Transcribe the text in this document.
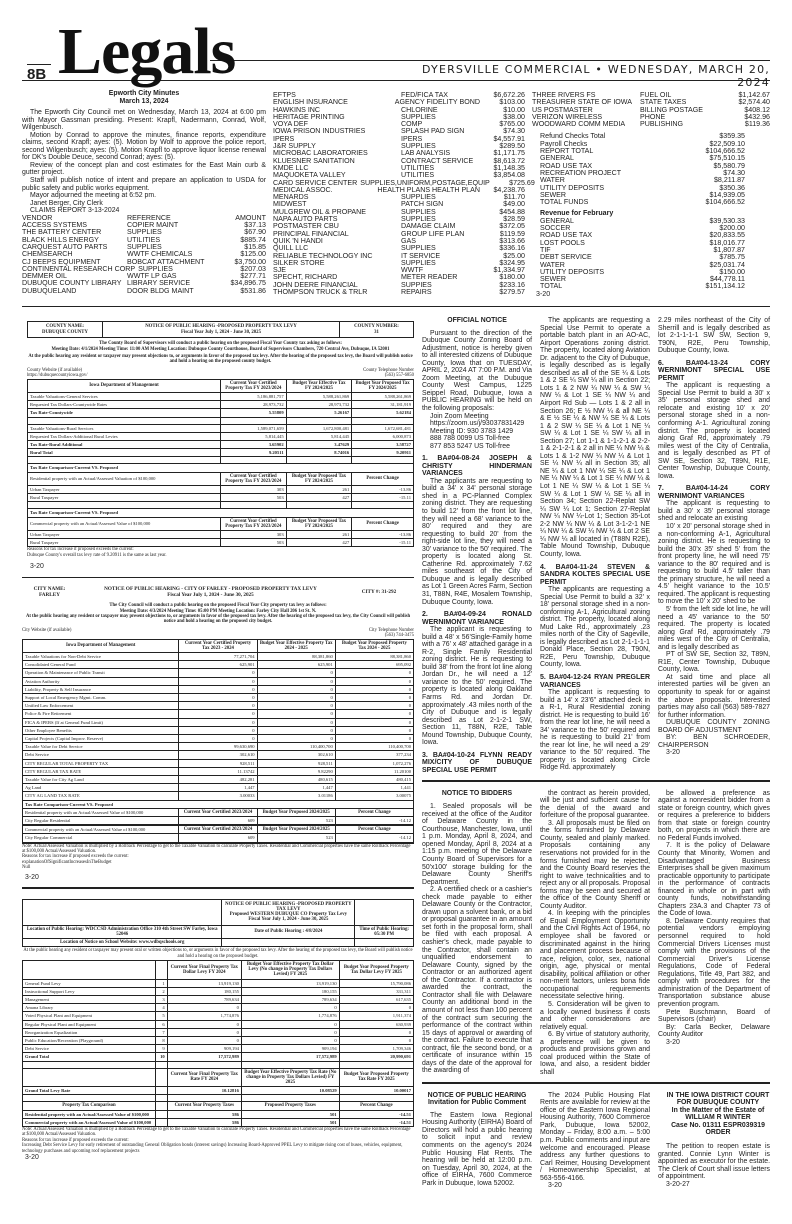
8B Legals	DYERSVILLE COMMERCIAL • WEDNESDAY, MARCH 20, 2024
Epworth City Minutes
March 13, 2024

The Epworth City Council met on Wednesday, March 13, 2024 at 6:00 pm with Mayor Gassman presiding. Present: Krapfl, Nadermann, Conrad, Wolf, Wilgenbusch.

Motion by Conrad to approve the minutes, finance reports, expenditure claims, second Krapfl; ayes: (5). Motion by Wolf to approve the police report, second Wilgenbusch; ayes: (5). Motion Krapfl to approve liquor license renewal for DK's Double Deuce, second Conrad; ayes: (5).

Review of the concept plan and cost estimates for the East Main curb & gutter project.

Staff will publish notice of intent and prepare an application to USDA for public safety and public works equipment.

Mayor adjourned the meeting at 6:52 pm.

Janet Berger, City Clerk

CLAIMS REPORT 3-13-2024

VENDOR	REFERENCE	AMOUNT
ACCESS SYSTEMS	COPIER MAINT	$37.13
THE BATTERY CENTER	SUPPLIES	$67.90
BLACK HILLS ENERGY	UTILITIES	$885.74
CARQUEST AUTO PARTS	SUPPLIES	$15.85
CHEMSEARCH	WWTF CHEMICALS	$125.00
CJ BEEPS EQUIPMENT	BOBCAT ATTACHMENT	$3,750.00
CONTINENTAL RESEARCH CORP SUPPLIES	$207.03
DEMMER OIL	WWTF LP GAS	$277.71
DUBUQUE COUNTY LIBRARY LIBRARY SERVICE	$34,896.75
DUBUQUELAND	DOOR BLDG MAINT	$531.86
EFTPS	FED/FICA TAX	$6,672.26
ENGLISH INSURANCE	AGENCY FIDELITY BOND	$103.00
HAWKINS INC	CHLORINE	$10.00
HERITAGE PRINTING	SUPPLIES	$38.00
VOYA DEF	COMP	$765.00
IOWA PRISON INDUSTRIES	SPLASH PAD SIGN	$74.30
IPERS	IPERS	$4,557.91
J&R SUPPLY	SUPPLIES	$289.50
MICROBAC LABORATORIES	LAB ANALYSIS	$1,171.75
KLUESNER SANITATION	CONTRACT SERVICE	$8,613.72
KMDE LLC	UTILITIES	$1,148.35
MAQUOKETA VALLEY	UTILITIES	$3,854.08
CARD SERVICE CENTER SUPPLIES,UNIFORM,POSTAGE,EQUIP	$725.69
MEDICAL ASSOC.	HEALTH PLANS HEALTH PLAN	$4,238.76
MENARDS	SUPPLIES	$11.70
MIDWEST	PATCH SIGN	$49.00
MULGREW OIL & PROPANE	SUPPLIES	$454.88
NAPA AUTO PARTS	SUPPLIES	$28.59
POSTMASTER CBU	DAMAGE CLAIM	$372.05
PRINCIPAL FINANCIAL	GROUP LIFE PLAN	$119.59
QUIK 'N HANDI	GAS	$313.66
QUILL LLC	SUPPLIES	$336.16
RELIABLE TECHNOLOGY INC	IT SERVICE	$25.00
SILKER STORE	SUPPLIES	$324.95
SJE	WWTF	$1,334.97
SPECHT, RICHARD	METER READER	$180.00
JOHN DEERE FINANCIAL	SUPPIES	$233.16
THOMPSON TRUCK & TRLR	REPAIRS	$279.57
THREE RIVERS FS	FUEL OIL	$1,142.67
TREASURER STATE OF IOWA	STATE TAXES	$2,574.40
US POSTMASTER	BILLING POSTAGE	$408.12
VERIZON WIRELESS	PHONE	$432.96
WOODWARD COMM MEDIA	PUBLISHING	$119.36
Refund Checks Total	$359.35
Payroll Checks	$22,509.10
REPORT TOTAL	$104,666.52
GENERAL	$75,510.15
ROAD USE TAX	$5,580.79
RECREATION PROJECT	$74.30
WATER	$8,211.87
UTILITY DEPOSITS	$350.36
SEWER	$14,939.05
TOTAL FUNDS	$104,666.52
Revenue for February
GENERAL	$39,530.33
SOCCER	$200.00
ROAD USE TAX	$20,833.55
LOST POOLS	$18,016.77
TIF	$1,807.87
DEBT SERVICE	$785.75
WATER	$25,031.74
UTILITY DEPOSITS	$150.00
SEWER	$44,778.11
TOTAL	$151,134.12
3-20
COUNTY NAME:
DUBUQUE COUNTY
NOTICE OF PUBLIC HEARING -PROPOSED PROPERTY TAX LEVY
Fiscal Year July 1, 2024 - June 30, 2025
COUNTY NUMBER:
31
The County Board of Supervisors will conduct a public hearing on the proposed Fiscal Year County tax asking as follows:
Meeting Date: 4/1/2024 Meeting Time: 11:00 AM Meeting Location: Dubuque County Courthouse, Board of Supervisors Chambers, 720 Central Ave, Dubuque, IA 52001
At the public hearing any resident or taxpayer may present objections to, or arguments in favor of the proposed tax levy. After the hearing of the proposed tax levy, the Board will publish notice and hold a hearing on the proposed county budget.
County Website (if available)
https://dubuquecountyiowa.gov/
County Telephone Number
(563) 557-6850
Iowa Department of Management	Current Year Certified Property Tax FY 2023/2024	Budget Year Effective Tax FY 2024/2025	Budget Year Proposed Tax FY 2024/2025
Taxable Valuations-General Services	5,186,881,757	5,588,261,869	5,588,261,869
Requested Tax Dollars-Countywide Rates	28,973,732	28,973,732	31,181,919
Tax Rate-Countywide	5.55809	5.26167	5.62184

Taxable Valuations-Rural Services	1,589,071,659	1,672,800,481	1,672,681,481
Requested Tax Dollars-Additional Rural Levies	5,814,445	5,814,445	6,000,873
Tax Rate-Rural Additional	3.65902	3.47629	3.58727
Rural Total	9.20511	8.74016	9.20911

Tax Rate Comparison-Current VS. Proposed			
Residential property with an Actual/Assessed Valuation of $100,000	Current Year Certified Property Tax FY 2023/2024	Budget Year Proposed Tax FY 2024/2025	Percent Change
Urban Taxpayer	303	261	-13.86
Rural Taxpayer	503	427	-15.11

Tax Rate Comparison-Current VS. Proposed			
Commercial property with an Actual/Assessed Value of $100,000	Current Year Certified Property Tax FY 2023/2024	Budget Year Proposed Tax FY 2024/2025	Percent Change
Urban Taxpayer	303	261	-13.86
Rural Taxpayer	503	427	-15.11

Reasons for tax increase if proposed exceeds the current:

Dubuque County's overall tax levy rate of 9.20911 is the same as last year.

3-20
CITY NAME:
FARLEY
NOTICE OF PUBLIC HEARING - CITY OF FARLEY - PROPOSED PROPERTY TAX LEVY
Fiscal Year July 1, 2024 - June 30, 2025	CITY #: 31-292
The City Council will conduct a public hearing on the proposed Fiscal Year City property tax levy as follows:
Meeting Date: 4/3/2024 Meeting Time: 05:00 PM Meeting Location: Farley City Hall 206 1st St. N.
At the public hearing any resident or taxpayer may present objections to, or arguments in favor of the proposed tax levy. After the hearing of the proposed tax levy, the City Council will publish notice and hold a hearing on the proposed city budget.
City Website (if available)	City Telephone Number
(563) 744-3475
Iowa Department of Management	Current Year Certified Property Tax 2023 - 2024	Budget Year Effective Property Tax 2024 - 2025	Budget Year Proposed Property Tax 2024 - 2025
Taxable Valuations for Non-Debt Service	77,271,704	88,381,860	88,381,860
Consolidated General Fund	625,901	625,901	695,092
Operation & Maintenance of Public Transit	0	0	0
Aviation Authority	0	0	0
Liability, Property & Self Insurance	0	0	0
Support of Local Emergency Mgmt. Comm.	0	0	0
Unified Law Enforcement	0	0	0
Police & Fire Retirement	0	0	0
FICA & IPERS (If at General Fund Limit)	0	0	0
Other Employee Benefits	0	0	0
Capital Projects (Capital Improv. Reserve)	0	0	0
Taxable Value for Debt Service	99,630,690	110,400,700	110,400,700
Debt Service	302,610	302,610	377,234
CITY REGULAR TOTAL PROPERTY TAX	928,511	928,511	1,072,276
CITY REGULAR TAX RATE	11.13742	9.82290	11.20100
Taxable Value for City Ag Land	482,281	480,615	480,415
Ag Land	1,447	1,447	1,441
CITY AG LAND TAX RATE	3.00033	3.01186	3.00075
Tax Rate Comparison-Current VS. Proposed			
Residential property with an Actual/Assessed Value of $100,000	Current Year Certified 2023/2024	Budget Year Proposed 2024/2025	Percent Change
City Regular Residential	609	523	-14.12
Commercial property with an Actual/Assessed Value of $100,000	Current Year Certified 2023/2024	Budget Year Proposed 2024/2025	Percent Change
City Regular Commercial	609	523	-14.12

Note: Actual/Assessed Valuation is multiplied by a Rollback Percentage to get to the Taxable Valuation to calculate Property Taxes. Residential and Commercial properties have the same Rollback Percentage at $100,000 Actual/Assessed Valuation.

Reasons for tax increase if proposed exceeds the current:

explanationOfSignificantIncreasesInTheBudget

Null

3-20
	NOTICE OF PUBLIC HEARING -PROPOSED PROPERTY TAX LEVY
Proposed WESTERN DUBUQUE CO Property Tax Levy
Fiscal Year July 1, 2024 - June 30, 2025	
Location of Public Hearing: WDCCSD Administration Office 310 4th Street SW Farley, Iowa 52046	Date of Public Hearing : 4/8/2024	Time of Public Hearing: 05:30 PM
Location of Notice on School Website: www.wdbqschools.org		
At the public hearing any resident or taxpayer may present oral or written objections to, or arguments in favor of the proposed tax levy. After the hearing of the proposed tax levy, the Board will publish notice and hold a hearing on the proposed budget.
		Current Year Final Property Tax Dollar Levy FY 2024	Budget Year Effective Property Tax Dollar Levy (No change in Property Tax Dollars Levied) FY 2025	Budget Year Proposed Property Tax Dollar Levy FY 2025
General Fund Levy	1	13,919,130	13,919,130	15,790,086
Instructional Support Levy	2	180,155	180,155	331,311
Management	3	789,634	789,634	617,635
Amana Library	4	0	0	0
Voted Physical Plant and Equipment	5	1,774,876	1,774,876	1,911,374
Regular Physical Plant and Equipment	6	0	0	630,939
Reorganization Equalization	7	0	0	0
Public Education/Recreation (Playground)	8	0	0	0
Debt Service	9	909,194	909,194	1,709,346
Grand Total	10	17,572,989	17,572,989	20,990,691

		Current Year Final Property Tax Rate FY 2024	Budget Year Effective Property Tax Rate (No change in Property Tax Dollars Levied) FY 2025	Budget Year Proposed Property Tax Rate FY 2025
Grand Total Levy Rate		10.12816	10.08529	10.00017

Property Tax Comparison		Current Year Property Taxes	Proposed Property Taxes	Percent Change
Residential property with an Actual/Assessed Value of $100,000		586	501	-14.51
Commercial property with an Actual/Assessed Value of $100,000		586	501	-14.51

Note: Actual/Assessed Valuation is multiplied by a Rollback Percentage to get to the Taxable Valuation to calculate Property Taxes. Residential and Commercial properties have the same Rollback Percentage at $100,000 Actual/Assessed Valuation.

Reasons for tax increase if proposed exceeds the current:

Increasing Debt Service Levy for early retirement of outstanding General Obligation bonds (interest savings) Increasing Board-Approved PPEL Levy to mitigate rising cost of buses, vehicles, equipment, technology purchases and upcoming roof replacement projects

3-20
OFFICIAL NOTICE

Pursuant to the direction of the Dubuque County Zoning Board of Adjustment, notice is hereby given to all interested citizens of Dubuque County, Iowa that on TUESDAY, APRIL 2, 2024 AT 7:00 P.M. and Via Zoom Meeting, at the Dubuque County West Campus, 1225 Seippel Road, Dubuque, Iowa a PUBLIC HEARING will be held on the following proposals:

Join Zoom Meeting

https://zoom.us/j/93037831429

Meeting ID: 930 3783 1429

888 788 0099 US Toll-free

877 853 5247 US Toll-free

1. BA#04-08-24 JOSEPH & CHRISTY HINDERMAN VARIANCES

The applicants are requesting to build a 34' x 34' personal storage shed in a PC-Planned Complex zoning district. They are requesting to build 12' from the front lot line, they will need a 68' variance to the 80' required and they are requesting to build 20' from the right-side lot line, they will need a 30' variance to the 50' required. The property is located along St. Catherine Rd. approximately 7.62 miles southeast of the City of Dubuque and is legally described as Lot 1 Green Acres Farm, Section 31, T88N, R4E, Mosalem Township, Dubuque County, Iowa.

2. BA#04-09-24 RONALD WERNIMONT VARIANCE

The applicant is requesting to build a 48' x 56'Single-Family home with a 76' x 48' attached garage in a R-2, Single Family Residential zoning district. He is requesting to build 38' from the front lot line along Jordan Dr., he will need a 12' variance to the 50' required. The property is located along Oakland Farms Rd. and Jordan Dr. approximately .43 miles north of the City of Dubuque and is legally described as Lot 2-1-2-1 SW, Section 11, T88N, R2E, Table Mound Township, Dubuque County, Iowa.

3. BA#04-10-24 FLYNN READY MIX/CITY OF DUBUQUE SPECIAL USE PERMIT

The applicants are requesting a Special Use Permit to operate a portable batch plant in an AO-AC, Airport Operations zoning district. The property, located along Aviation Dr. adjacent to the City of Dubuque, is legally described as is legally described as all of the SE ¼ & Lots 1 & 2 SE ¼ SW ¼ all in Section 22; Lots 1 & 2 NW ¼ NW ¼ & SW ¼ NW ¼ & Lot 1 SE ¼ NW ¼ and Airport Rd Sub — Lots 1 & 2 all in Section 26; E ½ NW ¼ & all NE ¼ & E ½ SE ¼ & NW ¼ SE ¼ & Lots 1 & 2 SW ¼ SE ¼ & Lot 1 NE ¼ SW ¼ & Lot 1 SE ¼ SW ¼ all in Section 27; Lot 1-1 & 1-1-2-1 & 2-2-1 & 2-1-2-1 & 2 all in NE ¼ NW ¼ & Lots 1 & 1-2 NW ¼ NW ¼ & Lot 1 SE ¼ NW ¼ all in Section 35; all NE ¼ & Lot 1 NW ¼ SE ¼ & Lot 1 NE ¼ NW ¼ & Lot 1 SE ¼ NW ¼ & Lot 1 NE ¼ SW ¼ & Lot 1 SE ¼ SW ¼ & Lot 1 SW ¼ SE ¼ all in Section 34; Section 22-Replat SW ¼ SW ¼ Lot 1; Section 27-Replat NW ¼ NW ¼-Lot 1; Section 35-Lot 2-2 NW ¼ NW ¼ & Lot 3-1-2-1 NE ¼ NW ¼ & SW ¼ NW ¼ & Lot 2 SE ¼ NW ¼ all located in (T88N R2E), Table Mound Township, Dubuque County, Iowa.

4. BA#04-11-24 STEVEN & SANDRA KOLTES SPECIAL USE PERMIT

The applicants are requesting a Special Use Permit to build a 32' x 18' personal storage shed in a non-conforming A-1, Agricultural zoning district. The property, located along Mud Lake Rd., approximately .23 miles north of the City of Sageville, is legally described as Lot 2-1-1-1-1 Donald Place, Section 28, T90N, R2E, Peru Township, Dubuque County, Iowa.

5. BA#04-12-24 RYAN PREGLER VARIANCES

The applicant is requesting to build a 14' x 23'6" attached deck in a R-1, Rural Residential zoning district. He is requesting to build 16' from the rear lot line, he will need a 34' variance to the 50' required and he is requesting to build 21' from the rear lot line, he will need a 29' variance to the 50' required. The property is located along Circle Ridge Rd. approximately

2.29 miles northeast of the City of Sherrill and is legally described as lot 2-1-1-1-1 SW SW, Section 9, T90N, R2E, Peru Township, Dubuque County, Iowa.

6. BA#04-13-24 CORY WERNIMONT SPECIAL USE PERMIT

The applicant is requesting a Special Use Permit to build a 30' x 35' personal storage shed and relocate and existing 10' x 20' personal storage shed in a non-conforming A-1. Agricultural zoning district. The property is located along Graf Rd, approximately .79 miles west of the City of Centralia, and is legally described as PT of SW SE, Section 32, T89N, R1E, Center Township, Dubuque County, Iowa.

7. BA#04-14-24 CORY WERNIMONT VARIANCES

The applicant is requesting to build a 30' x 35' personal storage shed and relocate an existing

10' x 20' personal storage shed in a non-conforming A-1, Agricultural zoning district. He is requesting to build the 30'x 35' shed 5' from the front property line, he will need 75' variance to the 80' required and is requesting to build 4.5' taller than the primary structure, he will need a 4.5' height variance to the 10.5' required. The applicant is requesting to move the 10' x 20' shed to be

5' from the left side lot line, he will need a 45' variance to the 50' required. The property is located along Graf Rd, approximately .79 miles west of the City of Centralia, and is legally described as

PT of SW SE, Section 32, T89N, R1E, Center Township, Dubuque County, Iowa.

At said time and place all interested parties will be given an opportunity to speak for or against the above proposals. Interested parties may also call (563) 589-7827 for further information.

DUBUQUE COUNTY ZONING BOARD OF ADJUSTMENT

BY: BEN SCHROEDER, CHAIRPERSON

3-20

NOTICE TO BIDDERS

1. Sealed proposals will be received at the office of the Auditor of Delaware County in the Courthouse, Manchester, Iowa, until 1 p.m. Monday, April 8, 2024, and opened Monday, April 8, 2024 at a 1:15 p.m. meeting of the Delaware County Board of Supervisors for a 50'x100' storage building for the Delaware County Sheriff's Department.

2. A certified check or a cashier's check made payable to either Delaware County or the Contractor, drawn upon a solvent bank, or a bid or proposal guarantee in an amount set forth in the proposal form, shall be filed with each proposal. A cashier's check, made payable to the Contractor, shall contain an unqualified endorsement to Delaware County, signed by the Contractor or an authorized agent of the Contractor. If a contractor is awarded the contract, the Contractor shall file with Delaware County an additional bond in the amount of not less than 100 percent of the contract sum securing the performance of the contract within 15 days of approval or awarding of the contract. Failure to execute that contract, file the second bond, or a certificate of insurance within 15 days of the date of the approval for the awarding of

the contract as herein provided, will be just and sufficient cause for the denial of the award and forfeiture of the proposal guarantee.

3. All proposals must be filed on the forms furnished by Delaware County, sealed and plainly marked. Proposals containing any reservations not provided for in the forms furnished may be rejected, and the County Board reserves the right to waive technicalities and to reject any or all proposals. Proposal forms may be seen and secured at the office of the County Sheriff or County Auditor.

4. In keeping with the principles of Equal Employment Opportunity and the Civil Rights Act of 1964, no employee shall be favored or discriminated against in the hiring and placement process because of race, religion, color, sex, national origin, age, physical or mental disability, political affiliation or other non-merit factors, unless bona fide occupational requirements necessitate selective hiring.

5. Consideration will be given to a locally owned business if costs and other considerations are relatively equal.

6. By virtue of statutory authority, a preference will be given to products and provisions grown and coal produced within the State of Iowa, and also, a resident bidder shall

be allowed a preference as against a nonresident bidder from a state or foreign country, which gives or requires a preference to bidders from that state or foreign country both, on projects in which there are no Federal Funds involved.

7. It is the policy of Delaware County that Minority, Women and Disadvantaged Business Enterprises shall be given maximum practicable opportunity to participate in the performance of contracts financed in whole or in part with county funds, notwithstanding Chapters 23A.3 and Chapter 73 of the Code of Iowa.

8. Delaware County requires that potential vendors employing personnel required to hold Commercial Drivers Licenses must comply with the provisions of the Commercial Driver's License Regulations, Code of Federal Regulations, Title 49, Part 382, and comply with procedures for the administration of the Department of Transportation substance abuse prevention program.

Pete Buschmann, Board of Supervisors (chair)

By: Carla Becker, Delaware County Auditor

3-20

NOTICE OF PUBLIC HEARING
Invitation for Public Comment

The Eastern Iowa Regional Housing Authority (EIRHA) Board of Directors will hold a public hearing to solicit input and review comments on the agency's 2024 Public Housing Flat Rents. The hearing will be held at 12:00 p.m. on Tuesday, April 30, 2024, at the office of EIRHA, 7600 Commerce Park in Dubuque, Iowa 52002.

The 2024 Public Housing Flat Rents are available for review at the office of the Eastern Iowa Regional Housing Authority, 7600 Commerce Park, Dubuque, Iowa 52002, Monday – Friday, 8:00 a.m. – 5:00 p.m. Public comments and input are welcome and encouraged. Please address any further questions to Carl Reimer, Housing Development / Homeownership Specialist, at 563-556-4166.

3-20

IN THE IOWA DISTRICT COURT

FOR DUBUQUE COUNTY

In the Matter of the Estate of

WILLIAM R WINTER

Case No. 01311 ESPR039319

ORDER

The petition to reopen estate is granted. Connie Lynn Winter is appointed as executor for the estate. The Clerk of Court shall issue letters of appointment.

3-20-27
